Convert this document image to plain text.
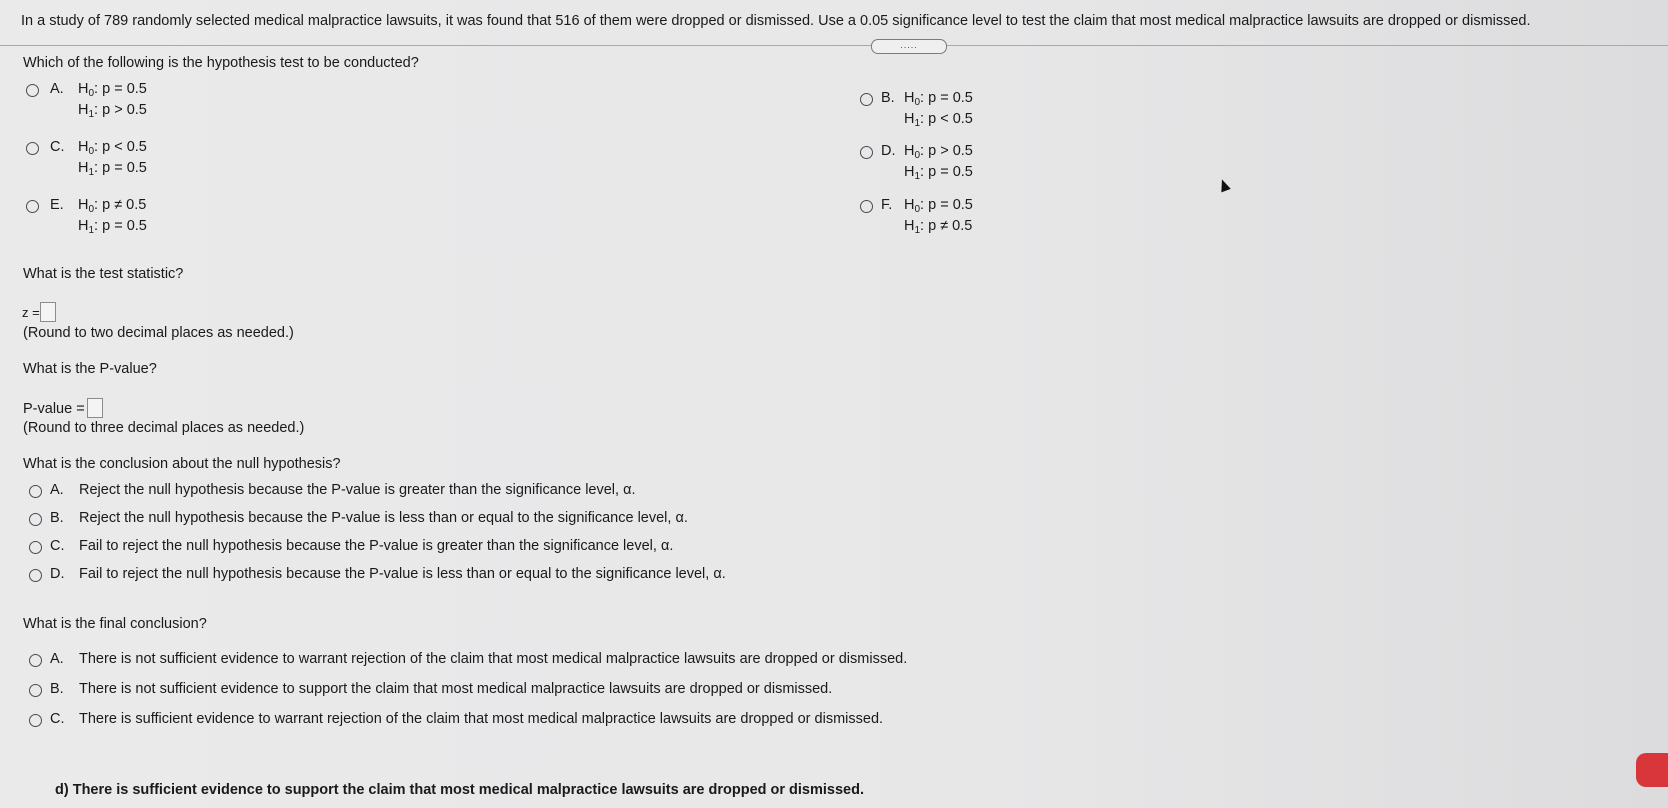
In a study of 789 randomly selected medical malpractice lawsuits, it was found that 516 of them were dropped or dismissed. Use a 0.05 significance level to test the claim that most medical malpractice lawsuits are dropped or dismissed.
.....
Which of the following is the hypothesis test to be conducted?
A. $H_0$: p = 0.5
$H_1$: p > 0.5
B. $H_0$: p = 0.5
$H_1$: p < 0.5
C. $H_0$: p < 0.5
$H_1$: p = 0.5
D. $H_0$: p > 0.5
$H_1$: p = 0.5
E. $H_0$: p ≠ 0.5
$H_1$: p = 0.5
F. $H_0$: p = 0.5
$H_1$: p ≠ 0.5
What is the test statistic?
z =
(Round to two decimal places as needed.)
What is the P-value?
P-value =
(Round to three decimal places as needed.)
What is the conclusion about the null hypothesis?
A. Reject the null hypothesis because the P-value is greater than the significance level, α.
B. Reject the null hypothesis because the P-value is less than or equal to the significance level, α.
C. Fail to reject the null hypothesis because the P-value is greater than the significance level, α.
D. Fail to reject the null hypothesis because the P-value is less than or equal to the significance level, α.
What is the final conclusion?
A. There is not sufficient evidence to warrant rejection of the claim that most medical malpractice lawsuits are dropped or dismissed.
B. There is not sufficient evidence to support the claim that most medical malpractice lawsuits are dropped or dismissed.
C. There is sufficient evidence to warrant rejection of the claim that most medical malpractice lawsuits are dropped or dismissed.
d) There is sufficient evidence to support the claim that most medical malpractice lawsuits are dropped or dismissed.
